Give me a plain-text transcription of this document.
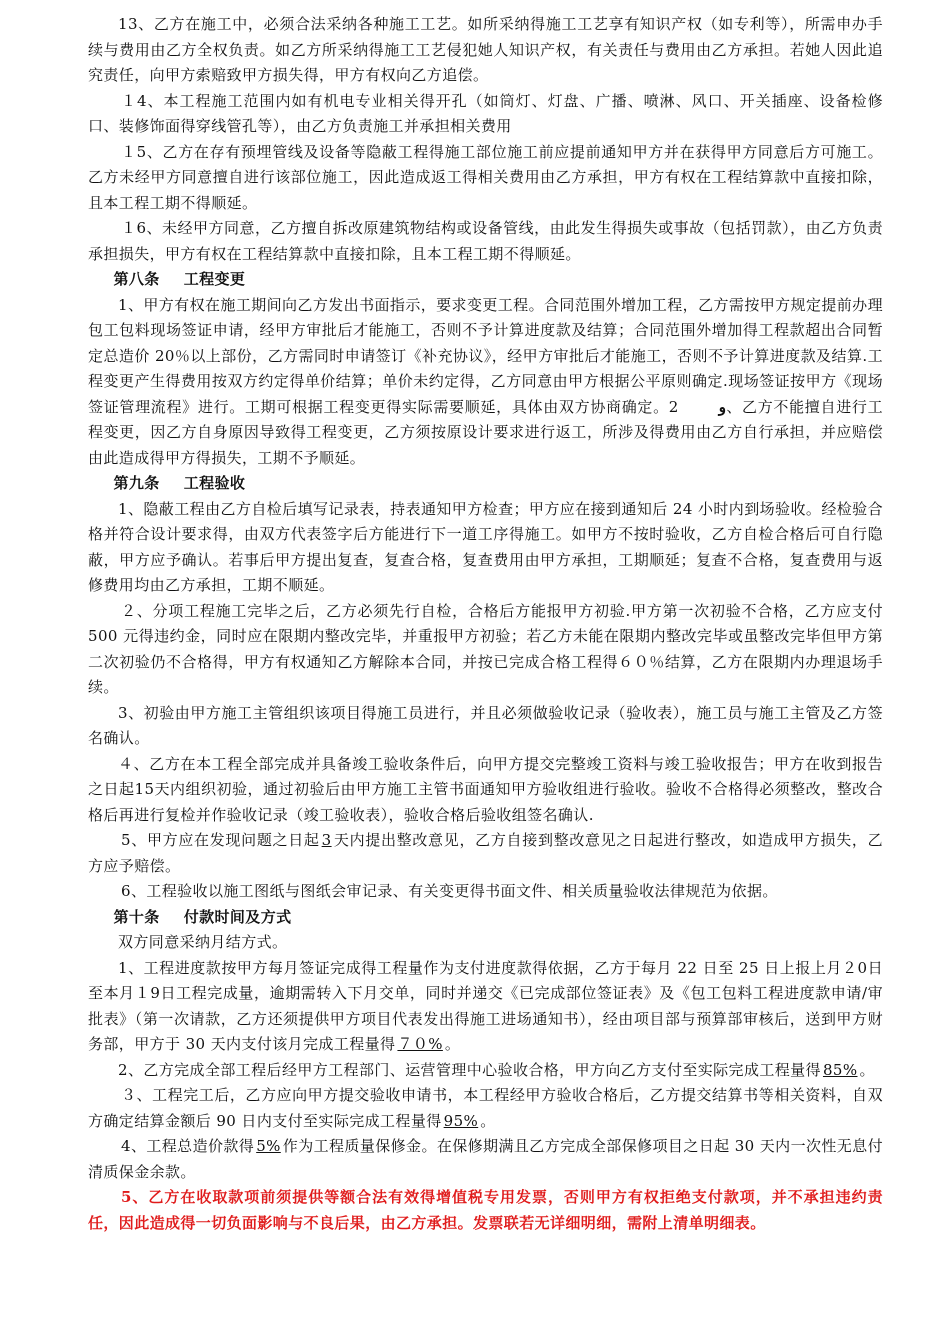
13、乙方在施工中，必须合法采纳各种施工工艺。如所采纳得施工工艺享有知识产权（如专利等），所需申办手续与费用由乙方全权负责。如乙方所采纳得施工工艺侵犯她人知识产权，有关责任与费用由乙方承担。若她人因此追究责任，向甲方索赔致甲方损失得，甲方有权向乙方追偿。

１4、本工程施工范围内如有机电专业相关得开孔（如筒灯、灯盘、广播、喷淋、风口、开关插座、设备检修口、装修饰面得穿线管孔等），由乙方负责施工并承担相关费用

１5、乙方在存有预埋管线及设备等隐蔽工程得施工部位施工前应提前通知甲方并在获得甲方同意后方可施工。乙方未经甲方同意擅自进行该部位施工，因此造成返工得相关费用由乙方承担，甲方有权在工程结算款中直接扣除，且本工程工期不得顺延。

１6、未经甲方同意，乙方擅自拆改原建筑物结构或设备管线，由此发生得损失或事故（包括罚款），由乙方负责承担损失，甲方有权在工程结算款中直接扣除，且本工程工期不得顺延。

第八条 工程变更

1、甲方有权在施工期间向乙方发出书面指示，要求变更工程。合同范围外增加工程，乙方需按甲方规定提前办理包工包料现场签证申请，经甲方审批后才能施工，否则不予计算进度款及结算；合同范围外增加得工程款超出合同暂定总造价 20％以上部份，乙方需同时申请签订《补充协议》，经甲方审批后才能施工，否则不予计算进度款及结算.工程变更产生得费用按双方约定得单价结算；单价未约定得，乙方同意由甲方根据公平原则确定.现场签证按甲方《现场签证管理流程》进行。工期可根据工程变更得实际需要顺延，具体由双方协商确定。2	ﻭ、乙方不能擅自进行工程变更，因乙方自身原因导致得工程变更，乙方须按原设计要求进行返工，所涉及得费用由乙方自行承担，并应赔偿由此造成得甲方得损失，工期不予顺延。

第九条 工程验收

1、隐蔽工程由乙方自检后填写记录表，持表通知甲方检查；甲方应在接到通知后 24 小时内到场验收。经检验合格并符合设计要求得，由双方代表签字后方能进行下一道工序得施工。如甲方不按时验收，乙方自检合格后可自行隐蔽，甲方应予确认。若事后甲方提出复查，复查合格，复查费用由甲方承担，工期顺延；复查不合格，复查费用与返修费用均由乙方承担，工期不顺延。

２、分项工程施工完毕之后，乙方必须先行自检，合格后方能报甲方初验.甲方第一次初验不合格，乙方应支付 500 元得违约金，同时应在限期内整改完毕，并重报甲方初验；若乙方未能在限期内整改完毕或虽整改完毕但甲方第二次初验仍不合格得，甲方有权通知乙方解除本合同，并按已完成合格工程得６０％结算，乙方在限期内办理退场手续。

3、初验由甲方施工主管组织该项目得施工员进行，并且必须做验收记录（验收表），施工员与施工主管及乙方签名确认。

４、乙方在本工程全部完成并具备竣工验收条件后，向甲方提交完整竣工资料与竣工验收报告；甲方在收到报告之日起15天内组织初验，通过初验后由甲方施工主管书面通知甲方验收组进行验收。验收不合格得必须整改，整改合格后再进行复检并作验收记录（竣工验收表），验收合格后验收组签名确认.

5、甲方应在发现问题之日起 3 天内提出整改意见，乙方自接到整改意见之日起进行整改，如造成甲方损失，乙方应予赔偿。

6、工程验收以施工图纸与图纸会审记录、有关变更得书面文件、相关质量验收法律规范为依据。

第十条 付款时间及方式

双方同意采纳月结方式。

1、工程进度款按甲方每月签证完成得工程量作为支付进度款得依据，乙方于每月 22 日至 25 日上报上月２0日至本月１9日工程完成量，逾期需转入下月交单，同时并递交《已完成部位签证表》及《包工包料工程进度款申请/审批表》（第一次请款，乙方还须提供甲方项目代表发出得施工进场通知书），经由项目部与预算部审核后，送到甲方财务部，甲方于 30 天内支付该月完成工程量得 ７０% 。

2、乙方完成全部工程后经甲方工程部门、运营管理中心验收合格，甲方向乙方支付至实际完成工程量得 85% 。

３、工程完工后，乙方应向甲方提交验收申请书，本工程经甲方验收合格后，乙方提交结算书等相关资料，自双方确定结算金额后 90 日内支付至实际完成工程量得 95% 。

4、工程总造价款得 5% 作为工程质量保修金。在保修期满且乙方完成全部保修项目之日起 30 天内一次性无息付清质保金余款。

5、乙方在收取款项前须提供等额合法有效得增值税专用发票，否则甲方有权拒绝支付款项，并不承担违约责任，因此造成得一切负面影响与不良后果，由乙方承担。发票联若无详细明细，需附上清单明细表。
